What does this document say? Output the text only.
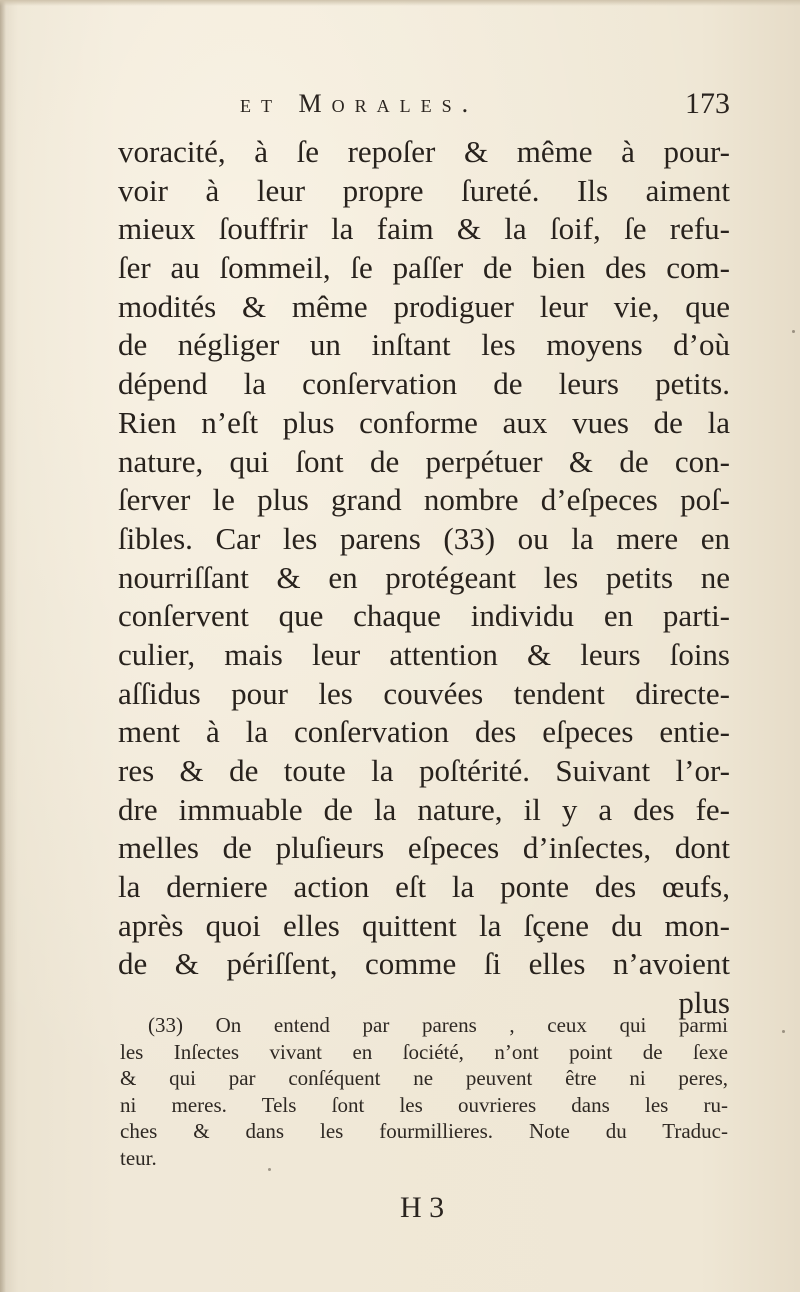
et Morales.	173
voracité, à ſe repoſer & même à pour-
voir à leur propre ſureté. Ils aiment
mieux ſouffrir la faim & la ſoif, ſe refu-
ſer au ſommeil, ſe paſſer de bien des com-
modités & même prodiguer leur vie, que
de négliger un inſtant les moyens d’où
dépend la conſervation de leurs petits.
Rien n’eſt plus conforme aux vues de la
nature, qui ſont de perpétuer & de con-
ſerver le plus grand nombre d’eſpeces poſ-
ſibles. Car les parens (33) ou la mere en
nourriſſant & en protégeant les petits ne
conſervent que chaque individu en parti-
culier, mais leur attention & leurs ſoins
aſſidus pour les couvées tendent directe-
ment à la conſervation des eſpeces entie-
res & de toute la poſtérité. Suivant l’or-
dre immuable de la nature, il y a des fe-
melles de pluſieurs eſpeces d’inſectes, dont
la derniere action eſt la ponte des œufs,
après quoi elles quittent la ſçene du mon-
de & périſſent, comme ſi elles n’avoient
plus
(33) On entend par parens , ceux qui parmi
les Inſectes vivant en ſociété, n’ont point de ſexe
& qui par conſéquent ne peuvent être ni peres,
ni meres. Tels ſont les ouvrieres dans les ru-
ches & dans les fourmillieres. Note du Traduc-
teur.
H 3
